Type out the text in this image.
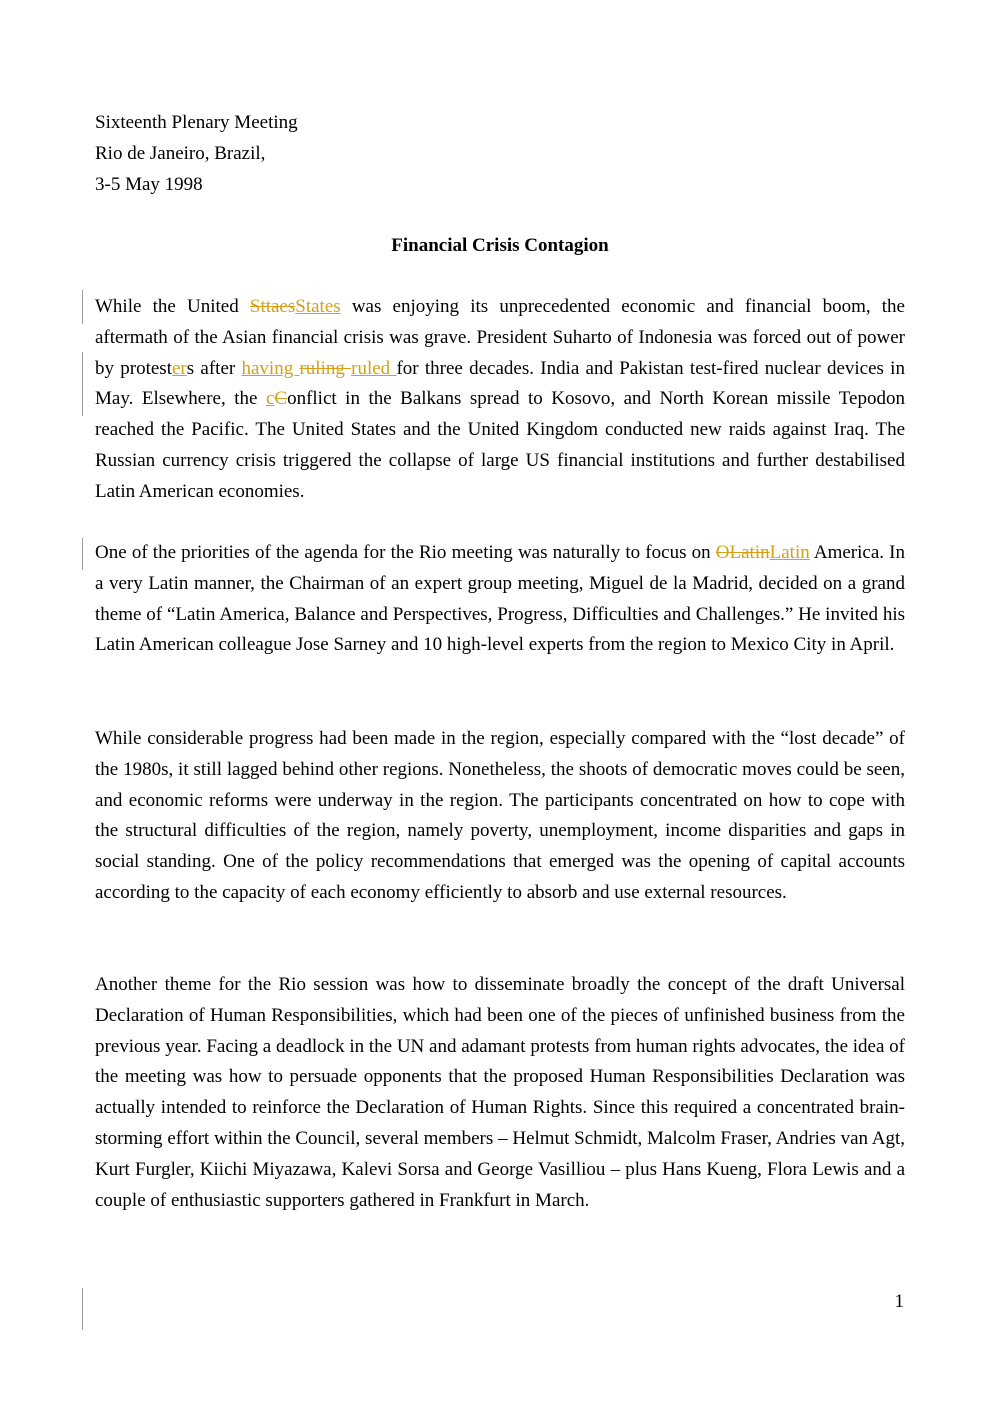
Sixteenth Plenary Meeting
Rio de Janeiro, Brazil,
3-5 May 1998
Financial Crisis Contagion
While the United SttaesStates was enjoying its unprecedented economic and financial boom, the aftermath of the Asian financial crisis was grave. President Suharto of Indonesia was forced out of power by protesters after having ruling ruled for three decades. India and Pakistan test-fired nuclear devices in May. Elsewhere, the cConflict in the Balkans spread to Kosovo, and North Korean missile Tepodon reached the Pacific. The United States and the United Kingdom conducted new raids against Iraq. The Russian currency crisis triggered the collapse of large US financial institutions and further destabilised Latin American economies.
One of the priorities of the agenda for the Rio meeting was naturally to focus on OLatinLatin America. In a very Latin manner, the Chairman of an expert group meeting, Miguel de la Madrid, decided on a grand theme of “Latin America, Balance and Perspectives, Progress, Difficulties and Challenges.” He invited his Latin American colleague Jose Sarney and 10 high-level experts from the region to Mexico City in April.
While considerable progress had been made in the region, especially compared with the “lost decade” of the 1980s, it still lagged behind other regions. Nonetheless, the shoots of democratic moves could be seen, and economic reforms were underway in the region. The participants concentrated on how to cope with the structural difficulties of the region, namely poverty, unemployment, income disparities and gaps in social standing. One of the policy recommendations that emerged was the opening of capital accounts according to the capacity of each economy efficiently to absorb and use external resources.
Another theme for the Rio session was how to disseminate broadly the concept of the draft Universal Declaration of Human Responsibilities, which had been one of the pieces of unfinished business from the previous year. Facing a deadlock in the UN and adamant protests from human rights advocates, the idea of the meeting was how to persuade opponents that the proposed Human Responsibilities Declaration was actually intended to reinforce the Declaration of Human Rights. Since this required a concentrated brain-storming effort within the Council, several members – Helmut Schmidt, Malcolm Fraser, Andries van Agt, Kurt Furgler, Kiichi Miyazawa, Kalevi Sorsa and George Vasilliou – plus Hans Kueng, Flora Lewis and a couple of enthusiastic supporters gathered in Frankfurt in March.
1
